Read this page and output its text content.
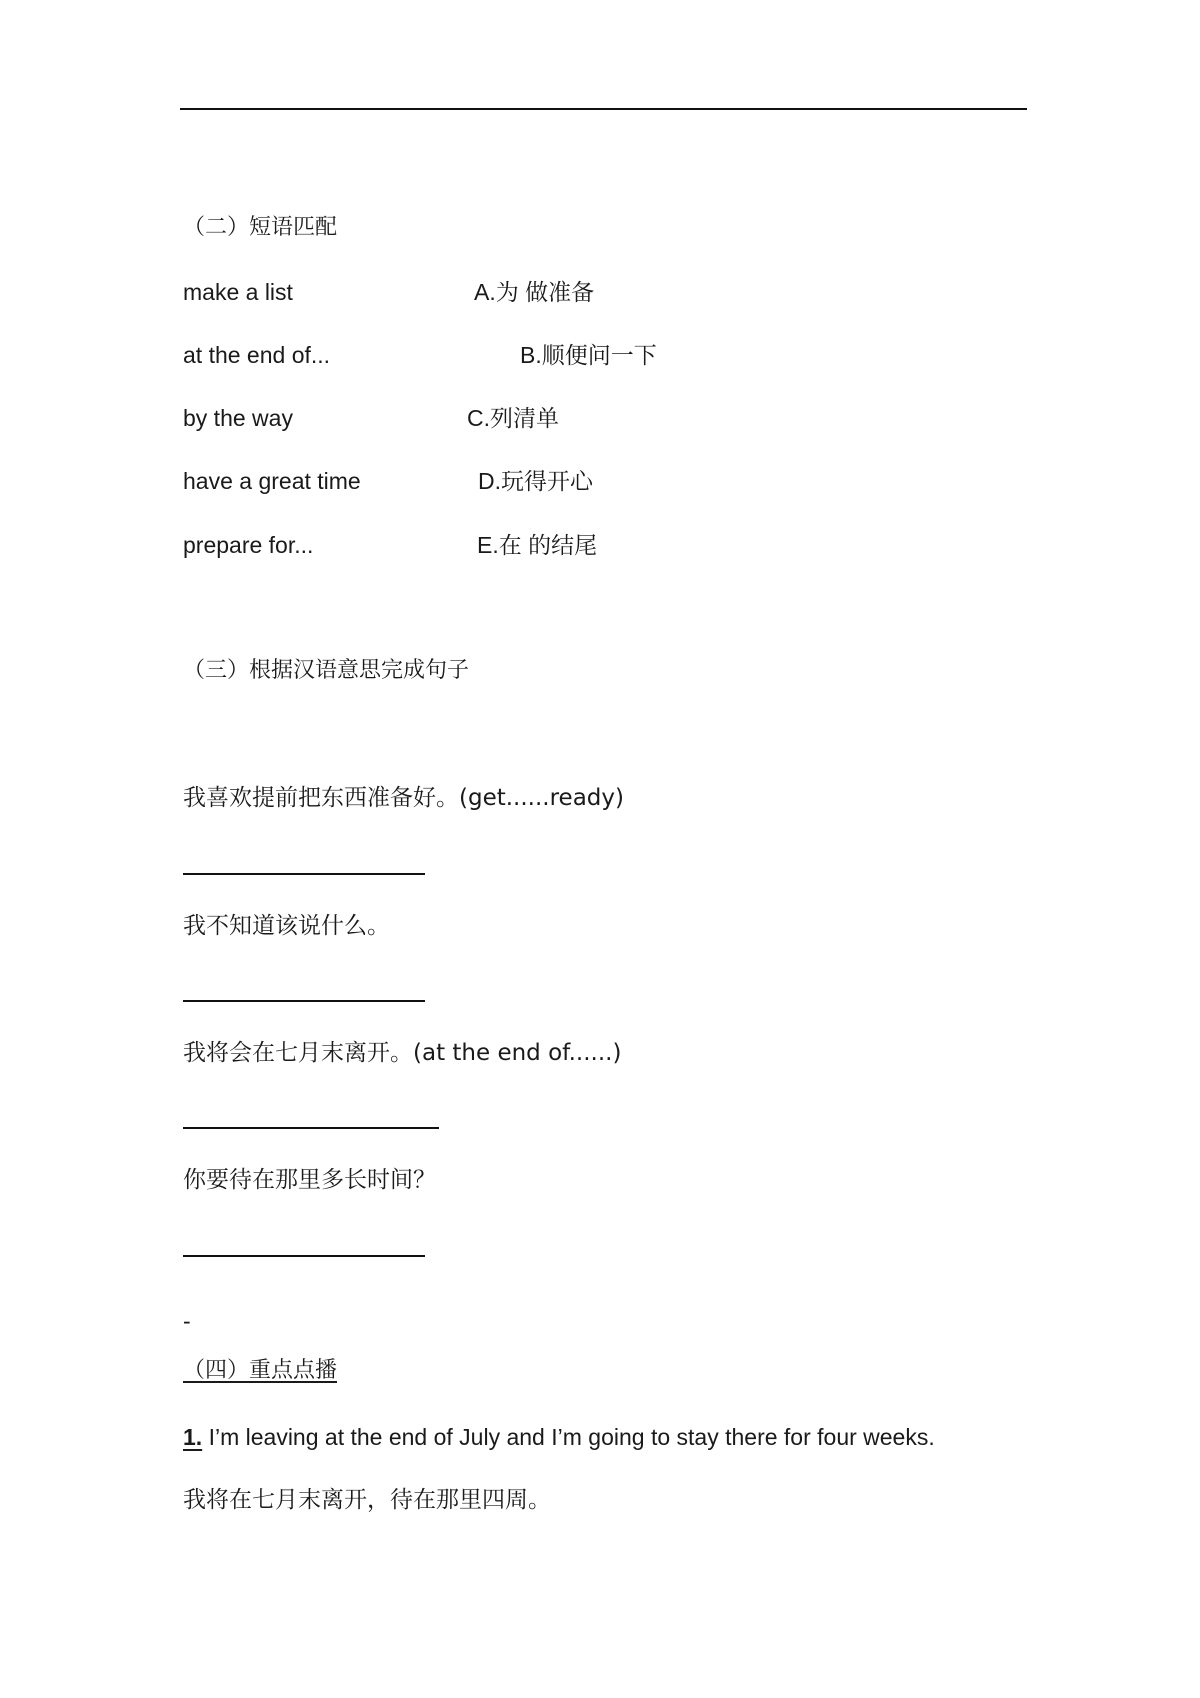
（二）短语匹配
make a list	A.为 做准备
at the end of...	B.顺便问一下
by the way	C.列清单
have a great time	D.玩得开心
prepare for...	E.在 的结尾
（三）根据汉语意思完成句子
我喜欢提前把东西准备好。(get......ready)
我不知道该说什么。
我将会在七月末离开。(at the end of......)
你要待在那里多长时间？
-
（四）重点点播
1. I’m leaving at the end of July and I’m going to stay there for four weeks.
我将在七月末离开，待在那里四周。
